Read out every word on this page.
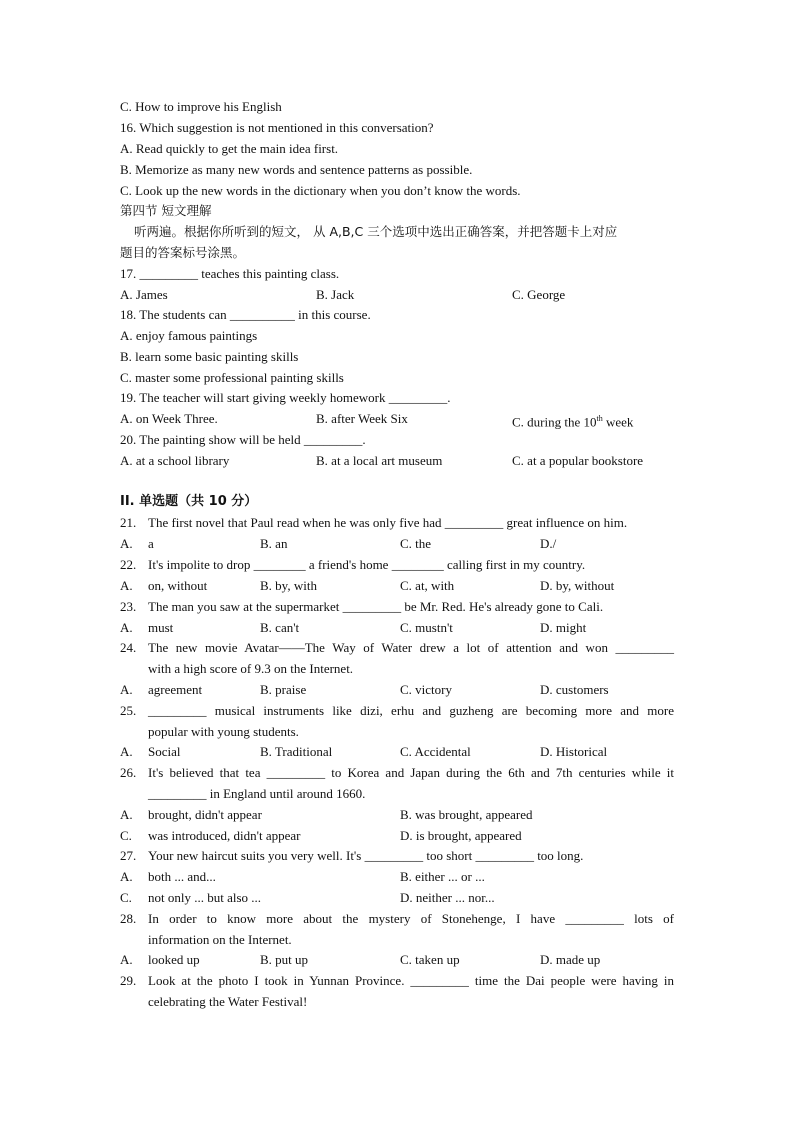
C. How to improve his English
16. Which suggestion is not mentioned in this conversation?
A. Read quickly to get the main idea first.
B. Memorize as many new words and sentence patterns as possible.
C. Look up the new words in the dictionary when you don’t know the words.
第四节 短文理解
听两遍。根据你所听到的短文， 从 A,B,C 三个选项中选出正确答案，并把答题卡上对应
题目的答案标号涂黑。
17. _________ teaches this painting class.
A. James	B. Jack	C. George
18. The students can __________ in this course.
A. enjoy famous paintings
B. learn some basic painting skills
C. master some professional painting skills
19. The teacher will start giving weekly homework _________.
A. on Week Three.	B. after Week Six	C. during the 10th week
20. The painting show will be held _________.
A. at a school library	B. at a local art museum	C. at a popular bookstore
II. 单选题（共 10 分）
21. The first novel that Paul read when he was only five had _________ great influence on him.
A. a	B. an	C. the	D./
22. It's impolite to drop ________ a friend's home ________ calling first in my country.
A. on, without	B. by, with	C. at, with	D. by, without
23. The man you saw at the supermarket _________ be Mr. Red. He's already gone to Cali.
A. must	B. can't	C. mustn't	D. might
24. The new movie Avatar——The Way of Water drew a lot of attention and won _________
with a high score of 9.3 on the Internet.
A. agreement	B. praise	C. victory	D. customers
25. _________ musical instruments like dizi, erhu and guzheng are becoming more and more
popular with young students.
A. Social	B. Traditional	C. Accidental	D. Historical
26. It's believed that tea _________ to Korea and Japan during the 6th and 7th centuries while it
_________ in England until around 1660.
A. brought, didn't appear	B. was brought, appeared
C. was introduced, didn't appear	D. is brought, appeared
27. Your new haircut suits you very well. It's _________ too short _________ too long.
A. both ... and...	B. either ... or ...
C. not only ... but also ...	D. neither ... nor...
28. In order to know more about the mystery of Stonehenge, I have _________ lots of
information on the Internet.
A. looked up	B. put up	C. taken up	D. made up
29. Look at the photo I took in Yunnan Province. _________ time the Dai people were having in
celebrating the Water Festival!
